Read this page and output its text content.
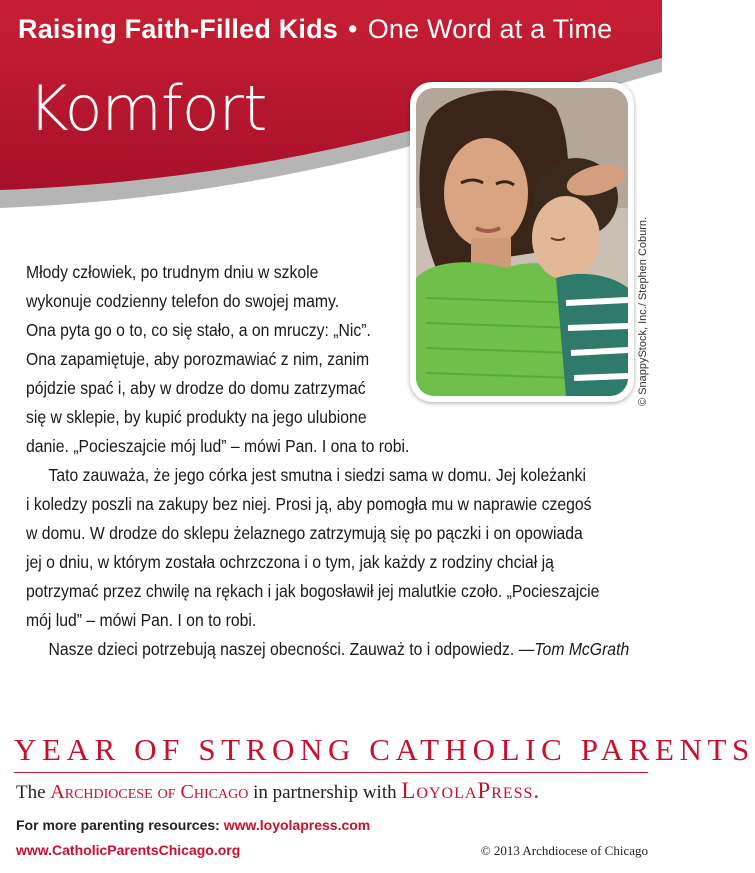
Raising Faith-Filled Kids • One Word at a Time
Komfort
© SnappyStock, Inc./ Stephen Coburn.
Młody człowiek, po trudnym dniu w szkole
wykonuje codzienny telefon do swojej mamy.
Ona pyta go o to, co się stało, a on mruczy: „Nic”.
Ona zapamiętuje, aby porozmawiać z nim, zanim
pójdzie spać i, aby w drodze do domu zatrzymać
się w sklepie, by kupić produkty na jego ulubione
danie. „Pocieszajcie mój lud” – mówi Pan. I ona to robi.
Tato zauważa, że jego córka jest smutna i siedzi sama w domu. Jej koleżanki
i koledzy poszli na zakupy bez niej. Prosi ją, aby pomogła mu w naprawie czegoś
w domu. W drodze do sklepu żelaznego zatrzymują się po pączki i on opowiada
jej o dniu, w którym została ochrzczona i o tym, jak każdy z rodziny chciał ją
potrzymać przez chwilę na rękach i jak bogosławił jej malutkie czoło. „Pocieszajcie
mój lud” – mówi Pan. I on to robi.
Nasze dzieci potrzebują naszej obecności. Zauważ to i odpowiedz. —Tom McGrath
YEAR OF STRONG CATHOLIC PARENTS
The Archdiocese of Chicago in partnership with LoyolaPress.
For more parenting resources: www.loyolapress.com
www.CatholicParentsChicago.org	© 2013 Archdiocese of Chicago
